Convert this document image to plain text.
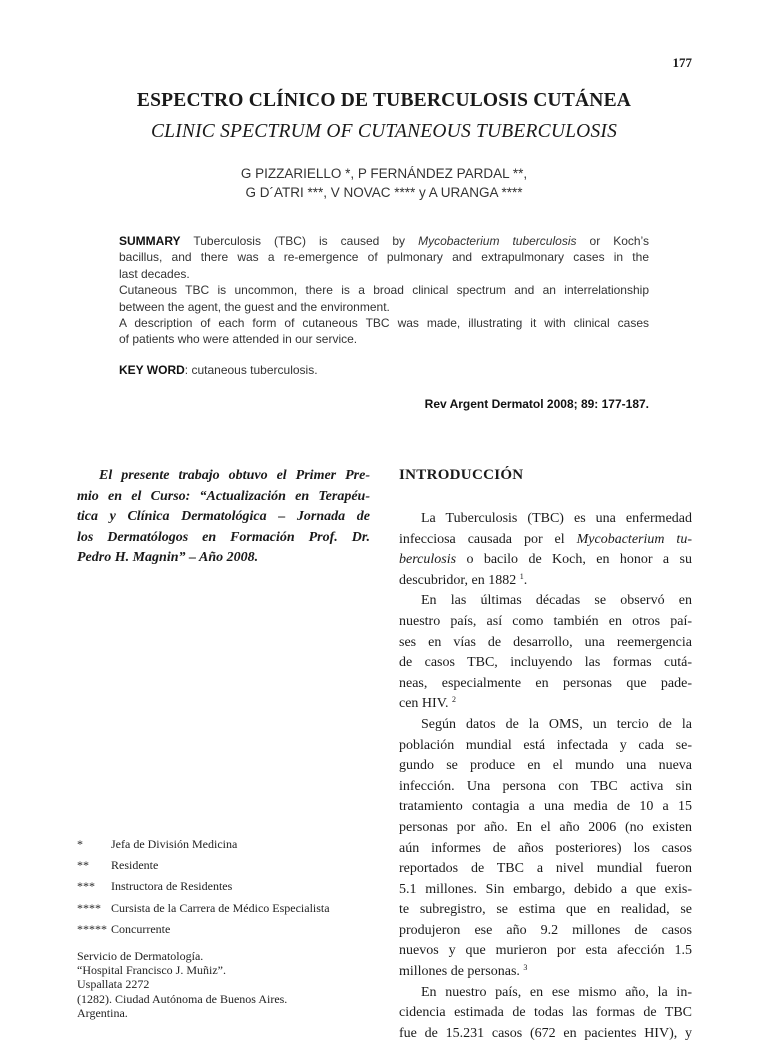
177
ESPECTRO CLÍNICO DE TUBERCULOSIS CUTÁNEA
CLINIC SPECTRUM OF CUTANEOUS TUBERCULOSIS
G PIZZARIELLO *, P FERNÁNDEZ PARDAL **,
G D´ATRI ***, V NOVAC **** y A URANGA ****
SUMMARY Tuberculosis (TBC) is caused by Mycobacterium tuberculosis or Koch’s
bacillus, and there was a re-emergence of pulmonary and extrapulmonary cases in the
last decades.
Cutaneous TBC is uncommon, there is a broad clinical spectrum and an interrelationship
between the agent, the guest and the environment.
A description of each form of cutaneous TBC was made, illustrating it with clinical cases
of patients who were attended in our service.
KEY WORD: cutaneous tuberculosis.
Rev Argent Dermatol 2008; 89: 177-187.
El presente trabajo obtuvo el Primer Pre-
mio en el Curso: “Actualización en Terapéu-
tica y Clínica Dermatológica – Jornada de
los Dermatólogos en Formación Prof. Dr.
Pedro H. Magnin” – Año 2008.
* Jefa de División Medicina
** Residente
*** Instructora de Residentes
**** Cursista de la Carrera de Médico Especialista
***** Concurrente
Servicio de Dermatología.
“Hospital Francisco J. Muñiz”.
Uspallata 2272
(1282). Ciudad Autónoma de Buenos Aires.
Argentina.
INTRODUCCIÓN
La Tuberculosis (TBC) es una enfermedad
infecciosa causada por el Mycobacterium tu-
berculosis o bacilo de Koch, en honor a su
descubridor, en 1882 $^1$.
En las últimas décadas se observó en
nuestro país, así como también en otros paí-
ses en vías de desarrollo, una reemergencia
de casos TBC, incluyendo las formas cutá-
neas, especialmente en personas que pade-
cen HIV. $^2$
Según datos de la OMS, un tercio de la
población mundial está infectada y cada se-
gundo se produce en el mundo una nueva
infección. Una persona con TBC activa sin
tratamiento contagia a una media de 10 a 15
personas por año. En el año 2006 (no existen
aún informes de años posteriores) los casos
reportados de TBC a nivel mundial fueron
5.1 millones. Sin embargo, debido a que exis-
te subregistro, se estima que en realidad, se
produjeron ese año 9.2 millones de casos
nuevos y que murieron por esta afección 1.5
millones de personas. $^3$
En nuestro país, en ese mismo año, la in-
cidencia estimada de todas las formas de TBC
fue de 15.231 casos (672 en pacientes HIV), y
